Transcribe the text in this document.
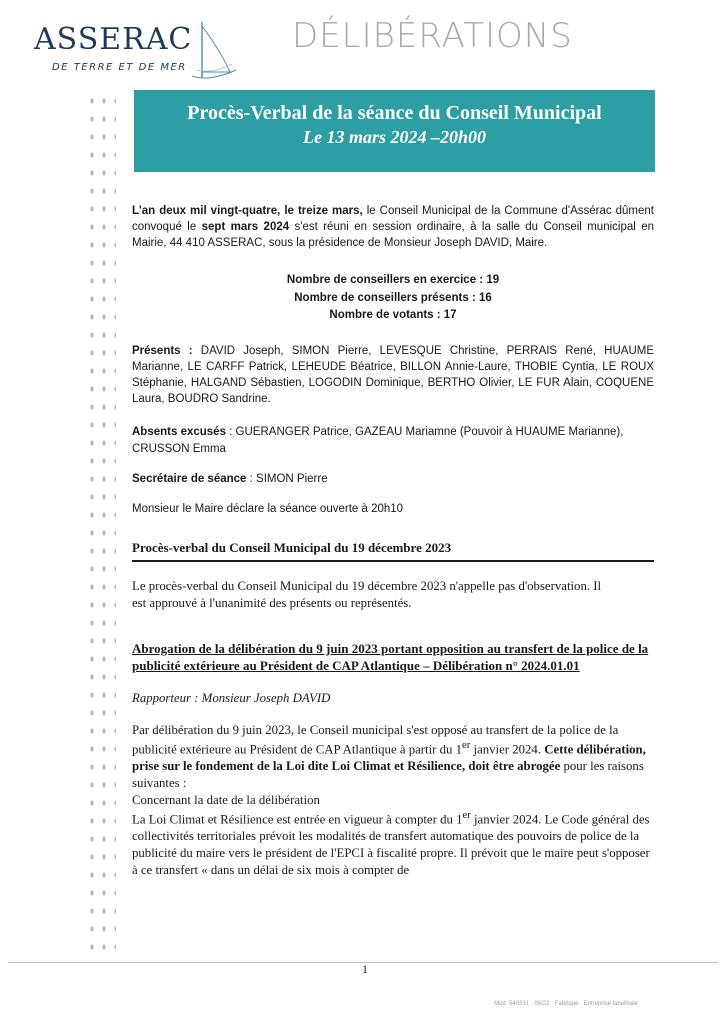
ASSERAC
DE TERRE ET DE MER
DÉLIBÉRATIONS
Procès-Verbal de la séance du Conseil Municipal
Le 13 mars 2024 –20h00

L'an deux mil vingt-quatre, le treize mars, le Conseil Municipal de la Commune d'Assérac dûment convoqué le sept mars 2024 s'est réuni en session ordinaire, à la salle du Conseil municipal en Mairie, 44 410 ASSERAC, sous la présidence de Monsieur Joseph DAVID, Maire.

Nombre de conseillers en exercice : 19
Nombre de conseillers présents : 16
Nombre de votants : 17

Présents : DAVID Joseph, SIMON Pierre, LEVESQUE Christine, PERRAIS René, HUAUME Marianne, LE CARFF Patrick, LEHEUDE Béatrice, BILLON Annie-Laure, THOBIE Cyntia, LE ROUX Stéphanie, HALGAND Sébastien, LOGODIN Dominique, BERTHO Olivier, LE FUR Alain, COQUENE Laura, BOUDRO Sandrine.

Absents excusés : GUERANGER Patrice, GAZEAU Mariamne (Pouvoir à HUAUME Marianne), CRUSSON Emma

Secrétaire de séance : SIMON Pierre

Monsieur le Maire déclare la séance ouverte à 20h10

Procès-verbal du Conseil Municipal du 19 décembre 2023

Le procès-verbal du Conseil Municipal du 19 décembre 2023 n'appelle pas d'observation. Il est approuvé à l'unanimité des présents ou représentés.

Abrogation de la délibération du 9 juin 2023 portant opposition au transfert de la police de la publicité extérieure au Président de CAP Atlantique – Délibération n° 2024.01.01

Rapporteur : Monsieur Joseph DAVID

Par délibération du 9 juin 2023, le Conseil municipal s'est opposé au transfert de la police de la publicité extérieure au Président de CAP Atlantique à partir du 1er janvier 2024. Cette délibération, prise sur le fondement de la Loi dite Loi Climat et Résilience, doit être abrogée pour les raisons suivantes :

Concernant la date de la délibération

La Loi Climat et Résilience est entrée en vigueur à compter du 1er janvier 2024. Le Code général des collectivités territoriales prévoit les modalités de transfert automatique des pouvoirs de police de la publicité du maire vers le président de l'EPCI à fiscalité propre. Il prévoit que le maire peut s'opposer à ce transfert « dans un délai de six mois à compter de

1
Mod. 540331 · 06/22 · Fabrique · Entreprise labellisée
